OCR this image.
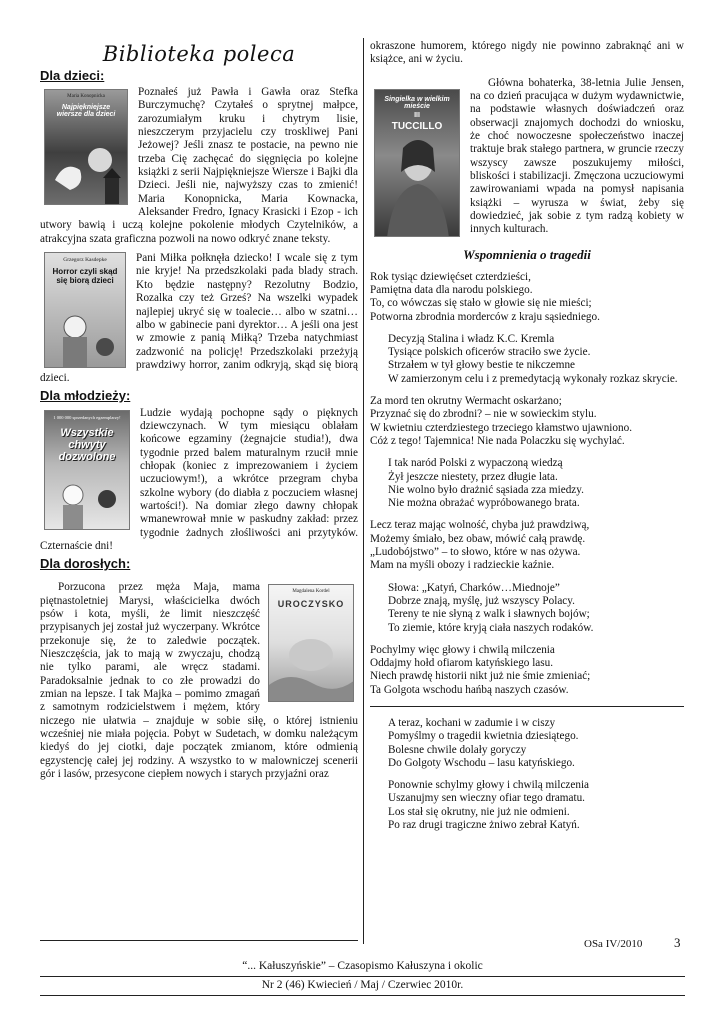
Biblioteka poleca
Dla dzieci:
Maria Konopnicka
Najpiękniejsze wiersze dla dzieci

Poznałeś już Pawła i Gawła oraz Stefka Burczymuchę? Czytałeś o sprytnej małpce, zarozumiałym kruku i chytrym lisie, nieszczerym przyjacielu czy troskliwej Pani Jeżowej? Jeśli znasz te postacie, na pewno nie trzeba Cię zachęcać do sięgnięcia po kolejne książki z serii Najpiękniejsze Wiersze i Bajki dla Dzieci. Jeśli nie, najwyższy czas to zmienić! Maria Konopnicka, Maria Kownacka, Aleksander Fredro, Ignacy Krasicki i Ezop - ich utwory bawią i uczą kolejne pokolenie młodych Czytelników, a atrakcyjna szata graficzna pozwoli na nowo odkryć znane teksty.

Grzegorz Kasdepke
Horror czyli skąd się biorą dzieci

Pani Miłka połknęła dziecko! I wcale się z tym nie kryje! Na przedszkolaki pada blady strach. Kto będzie następny? Rezolutny Bodzio, Rozalka czy też Grześ? Na wszelki wypadek najlepiej ukryć się w toalecie… albo w szatni… albo w gabinecie pani dyrektor… A jeśli ona jest w zmowie z panią Miłką? Trzeba natychmiast zadzwonić na policję! Przedszkolaki przeżyją prawdziwy horror, zanim odkryją, skąd się biorą dzieci.

Dla młodzieży:
1 000 000 sprzedanych egzemplarzy!
Wszystkie chwyty dozwolone

Ludzie wydają pochopne sądy o pięknych dziewczynach. W tym miesiącu oblałam końcowe egzaminy (żegnajcie studia!), dwa tygodnie przed balem maturalnym rzucił mnie chłopak (koniec z imprezowaniem i życiem uczuciowym!), a wkrótce przegram chyba szkolne wybory (do diabła z poczuciem własnej wartości!). Na domiar złego dawny chłopak wmanewrował mnie w paskudny zakład: przez tygodnie żadnych złośliwości ani przytyków. Czternaście dni!

Dla dorosłych:
Magdalena Kordel
UROCZYSKO

Porzucona przez męża Maja, mama piętnastoletniej Marysi, właścicielka dwóch psów i kota, myśli, że limit nieszczęść przypisanych jej został już wyczerpany. Wkrótce przekonuje się, że to zaledwie początek. Nieszczęścia, jak to mają w zwyczaju, chodzą nie tylko parami, ale wręcz stadami. Paradoksalnie jednak to co złe prowadzi do zmian na lepsze. I tak Majka – pomimo zmagań z samotnym rodzicielstwem i mężem, który niczego nie ułatwia – znajduje w sobie siłę, o której istnieniu wcześniej nie miała pojęcia. Pobyt w Sudetach, w domku należącym kiedyś do jej ciotki, daje początek zmianom, które odmienią egzystencję całej jej rodziny. A wszystko to w malowniczej scenerii gór i lasów, przesycone ciepłem nowych i starych przyjaźni oraz

okraszone humorem, którego nigdy nie powinno zabraknąć ani w książce, ani w życiu.

Singielka w wielkim mieście
III
TUCCILLO

Główna bohaterka, 38-letnia Julie Jensen, na co dzień pracująca w dużym wydawnictwie, na podstawie własnych doświadczeń oraz obserwacji znajomych dochodzi do wniosku, że choć nowoczesne społeczeństwo inaczej traktuje brak stałego partnera, w gruncie rzeczy wszyscy zawsze poszukujemy miłości, bliskości i stabilizacji. Zmęczona uczuciowymi zawirowaniami wpada na pomysł napisania książki – wyrusza w świat, żeby się dowiedzieć, jak sobie z tym radzą kobiety w innych kulturach.

Wspomnienia o tragedii
Rok tysiąc dziewięćset czterdzieści,
Pamiętna data dla narodu polskiego.
To, co wówczas się stało w głowie się nie mieści;
Potworna zbrodnia morderców z kraju sąsiedniego.
Decyzją Stalina i władz K.C. Kremla
Tysiące polskich oficerów straciło swe życie.
Strzałem w tył głowy bestie te nikczemne
W zamierzonym celu i z premedytacją wykonały rozkaz skrycie.
Za mord ten okrutny Wermacht oskarżano;
Przyznać się do zbrodni? – nie w sowieckim stylu.
W kwietniu czterdziestego trzeciego kłamstwo ujawniono.
Cóż z tego! Tajemnica! Nie nada Polaczku się wychylać.
I tak naród Polski z wypaczoną wiedzą
Żył jeszcze niestety, przez długie lata.
Nie wolno było drażnić sąsiada zza miedzy.
Nie można obrażać wypróbowanego brata.
Lecz teraz mając wolność, chyba już prawdziwą,
Możemy śmiało, bez obaw, mówić całą prawdę.
„Ludobójstwo” – to słowo, które w nas ożywa.
Mam na myśli obozy i radzieckie kaźnie.
Słowa: „Katyń, Charków…Miednoje”
Dobrze znają, myślę, już wszyscy Polacy.
Tereny te nie słyną z walk i sławnych bojów;
To ziemie, które kryją ciała naszych rodaków.
Pochylmy więc głowy i chwilą milczenia
Oddajmy hołd ofiarom katyńskiego lasu.
Niech prawdę historii nikt już nie śmie zmieniać;
Ta Golgota wschodu hańbą naszych czasów.
A teraz, kochani w zadumie i w ciszy
Pomyślmy o tragedii kwietnia dziesiątego.
Bolesne chwile dolały goryczy
Do Golgoty Wschodu – lasu katyńskiego.
Ponownie schylmy głowy i chwilą milczenia
Uszanujmy sen wieczny ofiar tego dramatu.
Los stał się okrutny, nie już nie odmieni.
Po raz drugi tragiczne żniwo zebrał Katyń.
OSa IV/2010 3
“... Kałuszyńskie” – Czasopismo Kałuszyna i okolic
Nr 2 (46) Kwiecień / Maj / Czerwiec 2010r.
